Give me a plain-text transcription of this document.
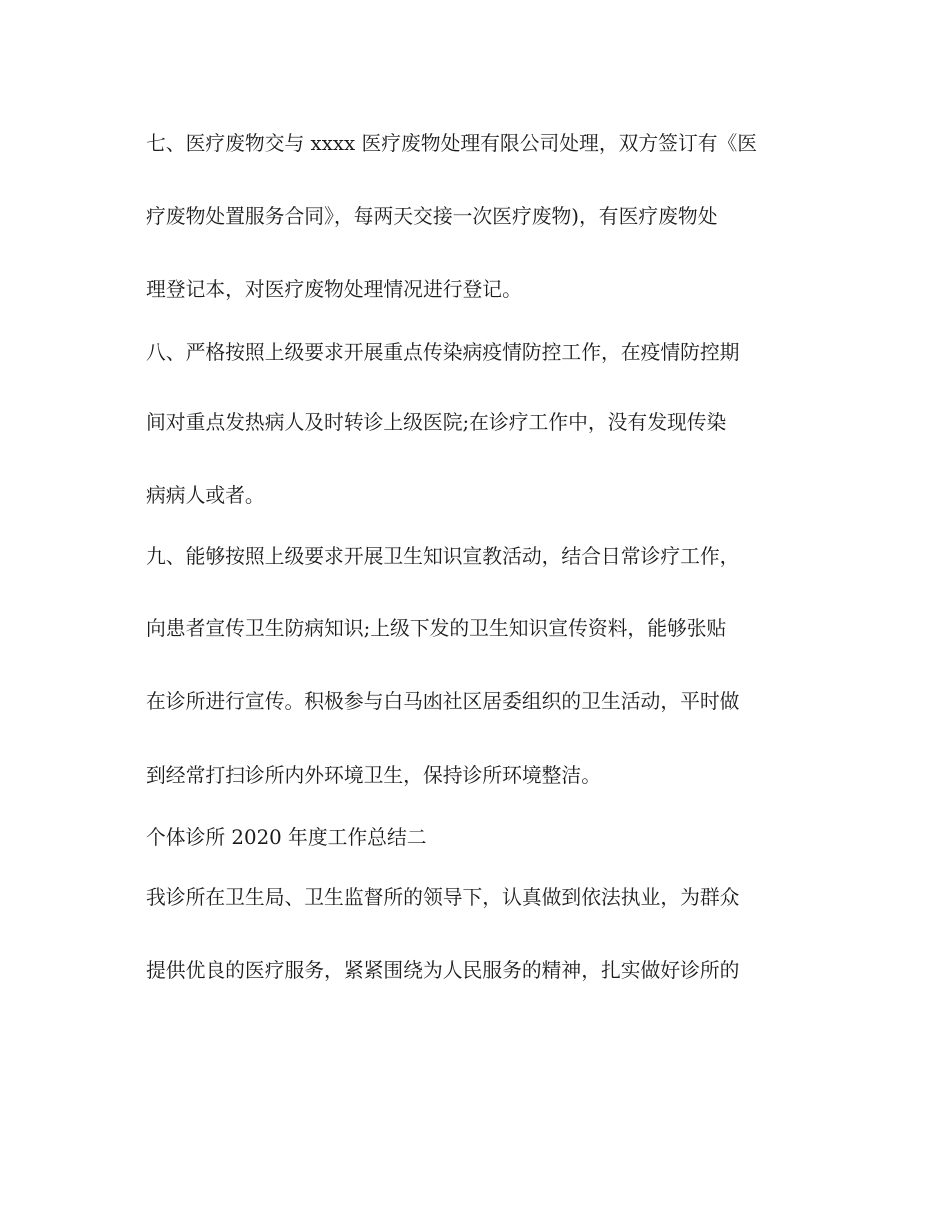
七、医疗废物交与 xxxx 医疗废物处理有限公司处理，双方签订有《医

疗废物处置服务合同》，每两天交接一次医疗废物)，有医疗废物处

理登记本，对医疗废物处理情况进行登记。

八、严格按照上级要求开展重点传染病疫情防控工作，在疫情防控期

间对重点发热病人及时转诊上级医院;在诊疗工作中，没有发现传染

病病人或者。

九、能够按照上级要求开展卫生知识宣教活动，结合日常诊疗工作，

向患者宣传卫生防病知识;上级下发的卫生知识宣传资料，能够张贴

在诊所进行宣传。积极参与白马凼社区居委组织的卫生活动，平时做

到经常打扫诊所内外环境卫生，保持诊所环境整洁。

个体诊所 2020 年度工作总结二

我诊所在卫生局、卫生监督所的领导下，认真做到依法执业，为群众

提供优良的医疗服务，紧紧围绕为人民服务的精神，扎实做好诊所的
